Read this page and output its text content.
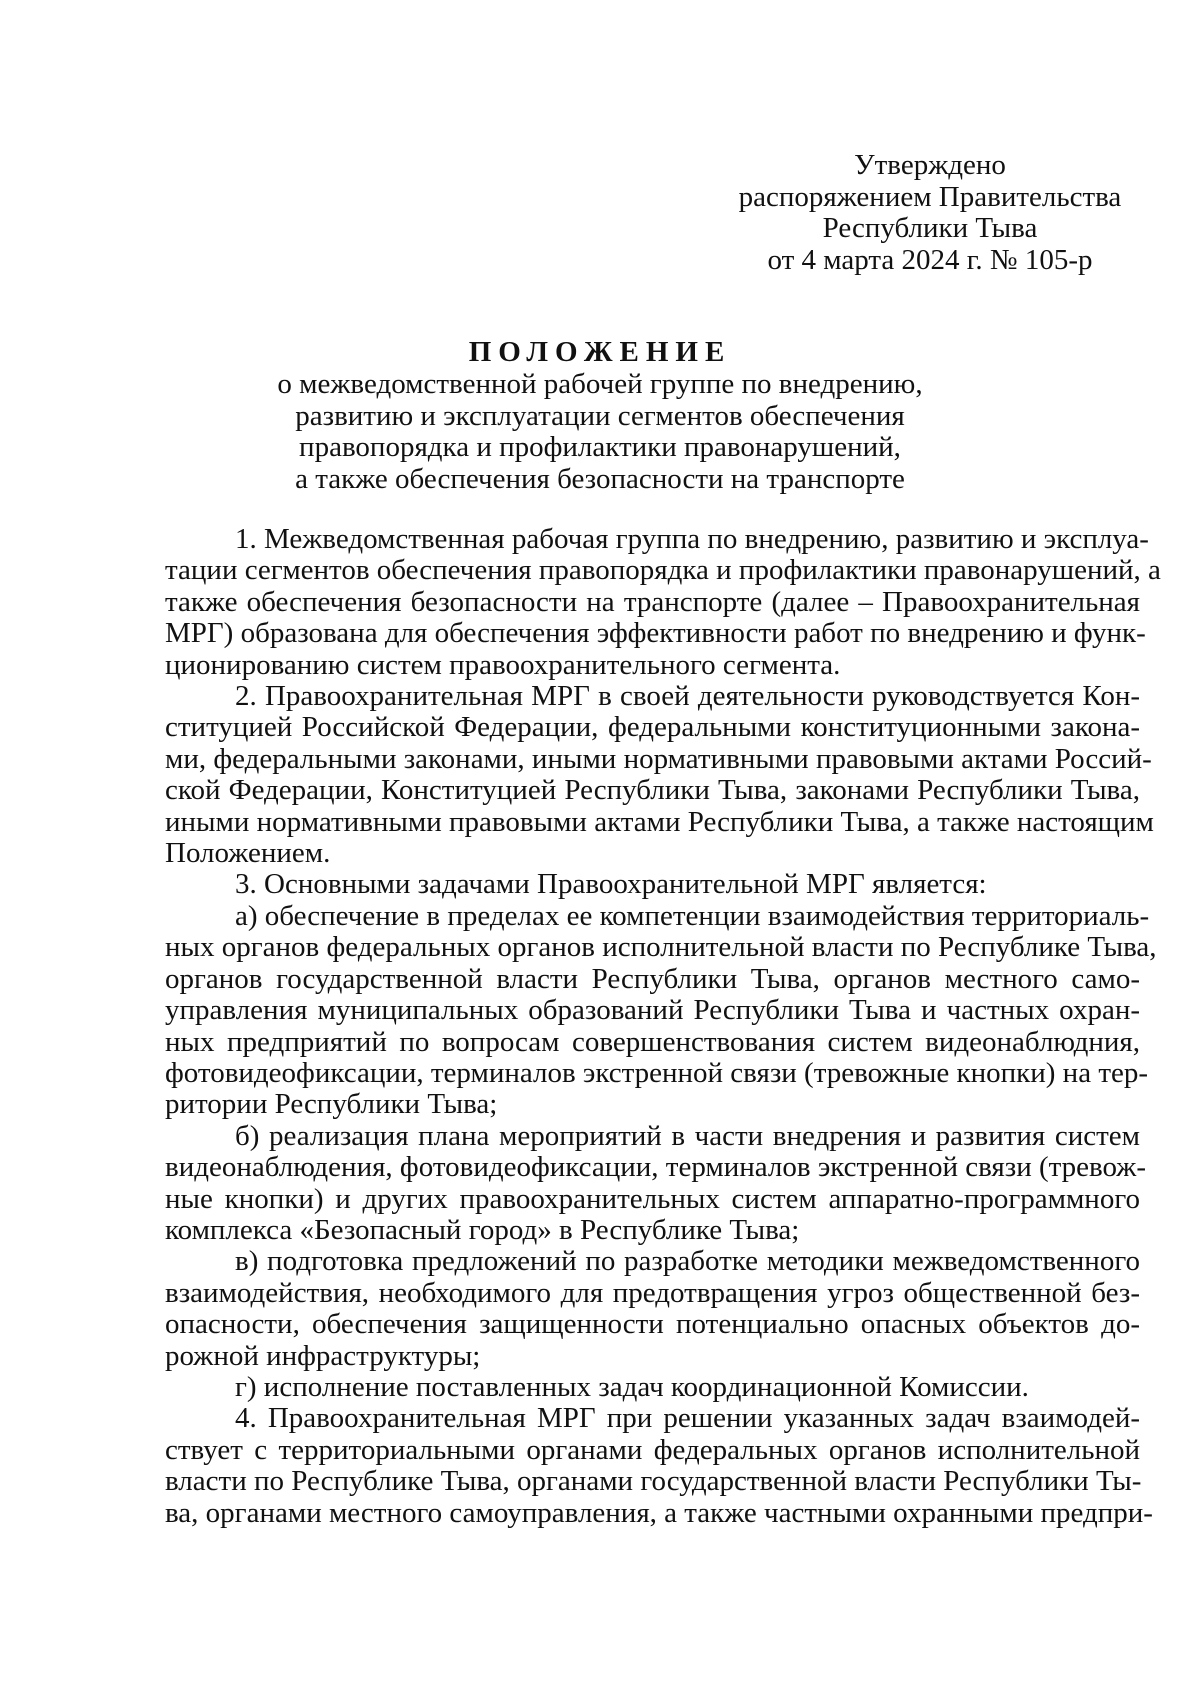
Утверждено
распоряжением Правительства
Республики Тыва
от 4 марта 2024 г. № 105-р
ПОЛОЖЕНИЕ
о межведомственной рабочей группе по внедрению,
развитию и эксплуатации сегментов обеспечения
правопорядка и профилактики правонарушений,
а также обеспечения безопасности на транспорте
1. Межведомственная рабочая группа по внедрению, развитию и эксплуа-
тации сегментов обеспечения правопорядка и профилактики правонарушений, а
также обеспечения безопасности на транспорте (далее – Правоохранительная
МРГ) образована для обеспечения эффективности работ по внедрению и функ-
ционированию систем правоохранительного сегмента.
2. Правоохранительная МРГ в своей деятельности руководствуется Кон-
ституцией Российской Федерации, федеральными конституционными закона-
ми, федеральными законами, иными нормативными правовыми актами Россий-
ской Федерации, Конституцией Республики Тыва, законами Республики Тыва,
иными нормативными правовыми актами Республики Тыва, а также настоящим
Положением.
3. Основными задачами Правоохранительной МРГ является:
а) обеспечение в пределах ее компетенции взаимодействия территориаль-
ных органов федеральных органов исполнительной власти по Республике Тыва,
органов государственной власти Республики Тыва, органов местного само-
управления муниципальных образований Республики Тыва и частных охран-
ных предприятий по вопросам совершенствования систем видеонаблюдния,
фотовидеофиксации, терминалов экстренной связи (тревожные кнопки) на тер-
ритории Республики Тыва;
б) реализация плана мероприятий в части внедрения и развития систем
видеонаблюдения, фотовидеофиксации, терминалов экстренной связи (тревож-
ные кнопки) и других правоохранительных систем аппаратно-программного
комплекса «Безопасный город» в Республике Тыва;
в) подготовка предложений по разработке методики межведомственного
взаимодействия, необходимого для предотвращения угроз общественной без-
опасности, обеспечения защищенности потенциально опасных объектов до-
рожной инфраструктуры;
г) исполнение поставленных задач координационной Комиссии.
4. Правоохранительная МРГ при решении указанных задач взаимодей-
ствует с территориальными органами федеральных органов исполнительной
власти по Республике Тыва, органами государственной власти Республики Ты-
ва, органами местного самоуправления, а также частными охранными предпри-
